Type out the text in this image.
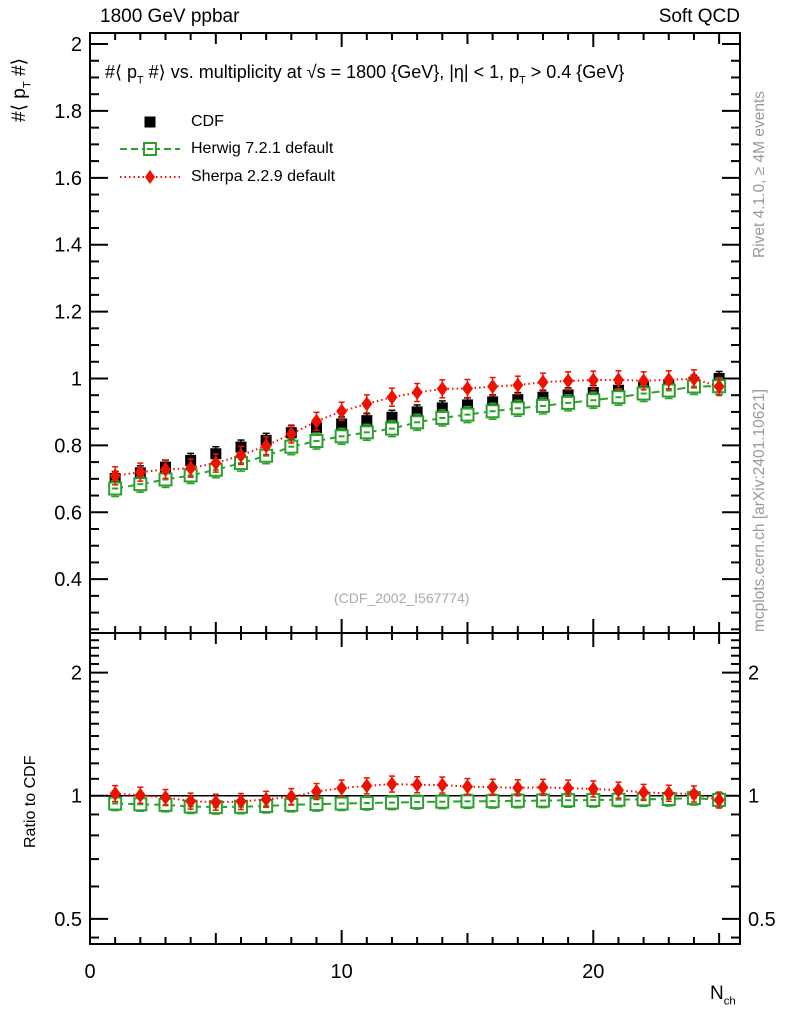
0.4
0.6
0.8
1
1.2
1.4
1.6
1.8
2
0	10	20
0.5	0.5
1	1
2	2
1800 GeV ppbar	Soft QCD
#⟨ $p_T$ #⟩ vs. multiplicity at √s = 1800 {GeV}, |η| < 1, $p_T > 0.4$ {GeV}
CDF
Herwig 7.2.1 default
Sherpa 2.2.9 default
#⟨ $p_T$ #⟩
Ratio to CDF
Rivet 4.1.0, ≥ 4M events
mcplots.cern.ch [arXiv:2401.10621]
(CDF_2002_I567774)
$N_{ch}$
